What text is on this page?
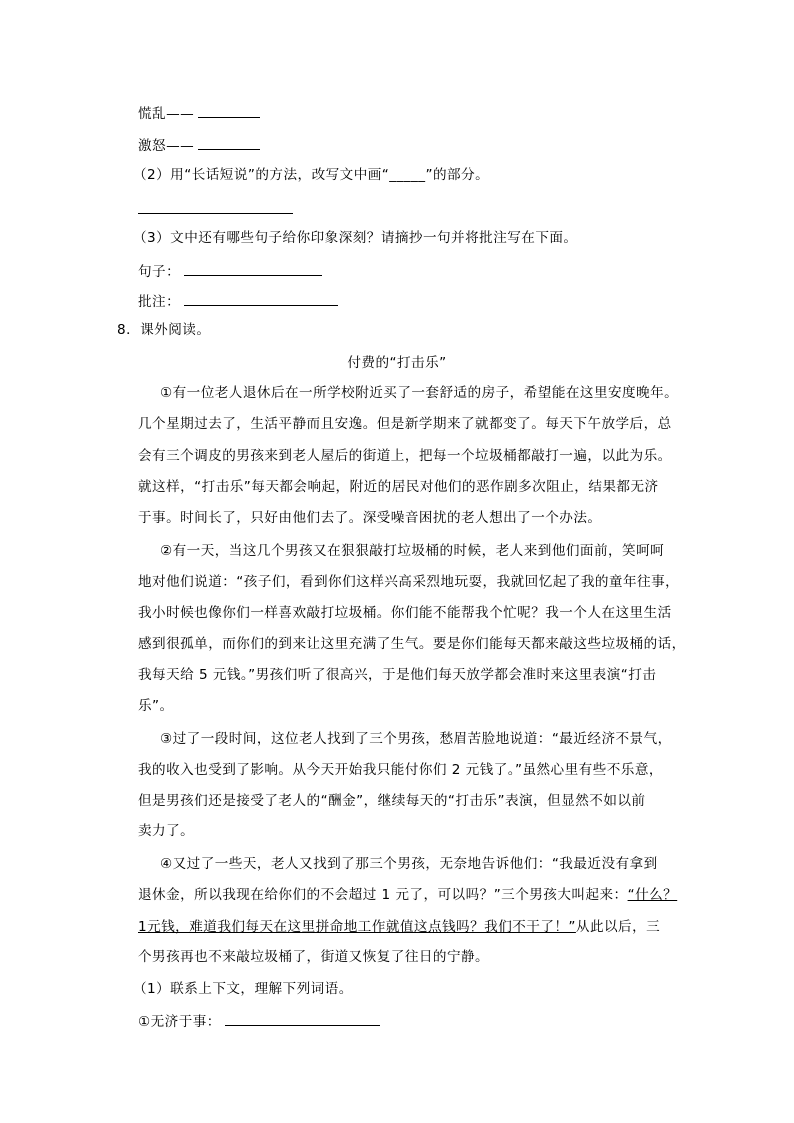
慌乱——
激怒——
（2）用“长话短说”的方法，改写文中画“_____”的部分。
（3）文中还有哪些句子给你印象深刻？请摘抄一句并将批注写在下面。
句子：
批注：
8．课外阅读。
付费的“打击乐”
①有一位老人退休后在一所学校附近买了一套舒适的房子，希望能在这里安度晚年。
几个星期过去了，生活平静而且安逸。但是新学期来了就都变了。每天下午放学后，总
会有三个调皮的男孩来到老人屋后的街道上，把每一个垃圾桶都敲打一遍，以此为乐。
就这样，“打击乐”每天都会响起，附近的居民对他们的恶作剧多次阻止，结果都无济
于事。时间长了，只好由他们去了。深受噪音困扰的老人想出了一个办法。
②有一天，当这几个男孩又在狠狠敲打垃圾桶的时候，老人来到他们面前，笑呵呵
地对他们说道：“孩子们，看到你们这样兴高采烈地玩耍，我就回忆起了我的童年往事，
我小时候也像你们一样喜欢敲打垃圾桶。你们能不能帮我个忙呢？我一个人在这里生活
感到很孤单，而你们的到来让这里充满了生气。要是你们能每天都来敲这些垃圾桶的话，
我每天给 5 元钱。”男孩们听了很高兴，于是他们每天放学都会准时来这里表演“打击
乐”。
③过了一段时间，这位老人找到了三个男孩，愁眉苦脸地说道：“最近经济不景气，
我的收入也受到了影响。从今天开始我只能付你们 2 元钱了。”虽然心里有些不乐意，
但是男孩们还是接受了老人的“酬金”，继续每天的“打击乐”表演，但显然不如以前
卖力了。
④又过了一些天，老人又找到了那三个男孩，无奈地告诉他们：“我最近没有拿到
退休金，所以我现在给你们的不会超过 1 元了，可以吗？”三个男孩大叫起来：“什么？
1元钱，难道我们每天在这里拼命地工作就值这点钱吗？我们不干了！”从此以后，三
个男孩再也不来敲垃圾桶了，街道又恢复了往日的宁静。
（1）联系上下文，理解下列词语。
①无济于事：
